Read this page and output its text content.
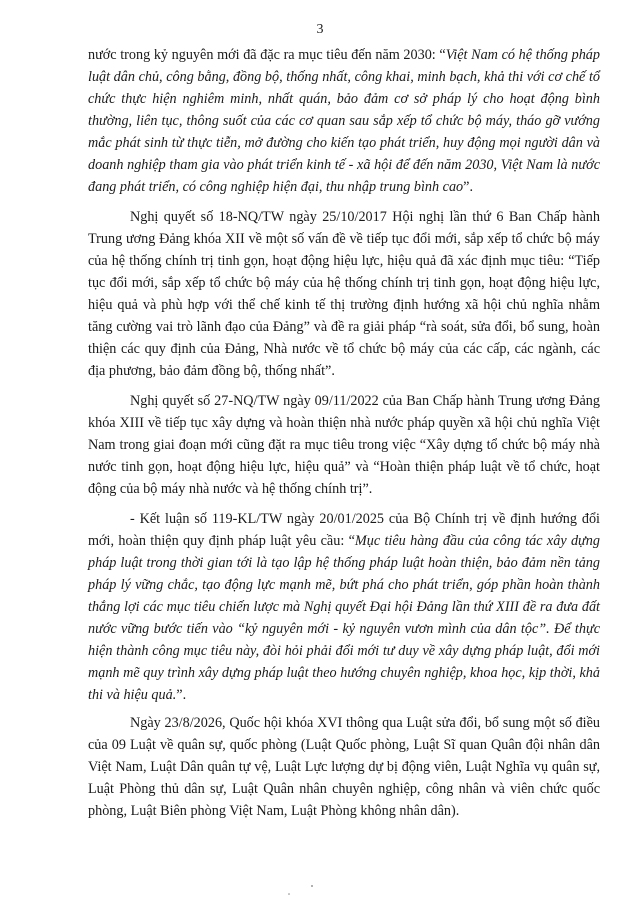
3

nước trong kỷ nguyên mới đã đặc ra mục tiêu đến năm 2030: “Việt Nam có hệ thống pháp luật dân chủ, công bằng, đồng bộ, thống nhất, công khai, minh bạch, khả thi với cơ chế tổ chức thực hiện nghiêm minh, nhất quán, bảo đảm cơ sở pháp lý cho hoạt động bình thường, liên tục, thông suốt của các cơ quan sau sắp xếp tổ chức bộ máy, tháo gỡ vướng mắc phát sinh từ thực tiễn, mở đường cho kiến tạo phát triển, huy động mọi người dân và doanh nghiệp tham gia vào phát triển kinh tế - xã hội để đến năm 2030, Việt Nam là nước đang phát triển, có công nghiệp hiện đại, thu nhập trung bình cao”.

Nghị quyết số 18-NQ/TW ngày 25/10/2017 Hội nghị lần thứ 6 Ban Chấp hành Trung ương Đảng khóa XII về một số vấn đề về tiếp tục đổi mới, sắp xếp tổ chức bộ máy của hệ thống chính trị tinh gọn, hoạt động hiệu lực, hiệu quả đã xác định mục tiêu: “Tiếp tục đổi mới, sắp xếp tổ chức bộ máy của hệ thống chính trị tinh gọn, hoạt động hiệu lực, hiệu quả và phù hợp với thể chế kinh tế thị trường định hướng xã hội chủ nghĩa nhằm tăng cường vai trò lãnh đạo của Đảng” và đề ra giải pháp “rà soát, sửa đổi, bổ sung, hoàn thiện các quy định của Đảng, Nhà nước về tổ chức bộ máy của các cấp, các ngành, các địa phương, bảo đảm đồng bộ, thống nhất”.

Nghị quyết số 27-NQ/TW ngày 09/11/2022 của Ban Chấp hành Trung ương Đảng khóa XIII về tiếp tục xây dựng và hoàn thiện nhà nước pháp quyền xã hội chủ nghĩa Việt Nam trong giai đoạn mới cũng đặt ra mục tiêu trong việc “Xây dựng tổ chức bộ máy nhà nước tinh gọn, hoạt động hiệu lực, hiệu quả” và “Hoàn thiện pháp luật về tổ chức, hoạt động của bộ máy nhà nước và hệ thống chính trị”.

- Kết luận số 119-KL/TW ngày 20/01/2025 của Bộ Chính trị về định hướng đổi mới, hoàn thiện quy định pháp luật yêu cầu: “Mục tiêu hàng đầu của công tác xây dựng pháp luật trong thời gian tới là tạo lập hệ thống pháp luật hoàn thiện, bảo đảm nền tảng pháp lý vững chắc, tạo động lực mạnh mẽ, bứt phá cho phát triển, góp phần hoàn thành thắng lợi các mục tiêu chiến lược mà Nghị quyết Đại hội Đảng lần thứ XIII đề ra đưa đất nước vững bước tiến vào “kỷ nguyên mới - kỷ nguyên vươn mình của dân tộc”. Để thực hiện thành công mục tiêu này, đòi hỏi phải đổi mới tư duy về xây dựng pháp luật, đổi mới mạnh mẽ quy trình xây dựng pháp luật theo hướng chuyên nghiệp, khoa học, kịp thời, khả thi và hiệu quả.”.

Ngày 23/8/2026, Quốc hội khóa XVI thông qua Luật sửa đổi, bổ sung một số điều của 09 Luật về quân sự, quốc phòng (Luật Quốc phòng, Luật Sĩ quan Quân đội nhân dân Việt Nam, Luật Dân quân tự vệ, Luật Lực lượng dự bị động viên, Luật Nghĩa vụ quân sự, Luật Phòng thủ dân sự, Luật Quân nhân chuyên nghiệp, công nhân và viên chức quốc phòng, Luật Biên phòng Việt Nam, Luật Phòng không nhân dân).
